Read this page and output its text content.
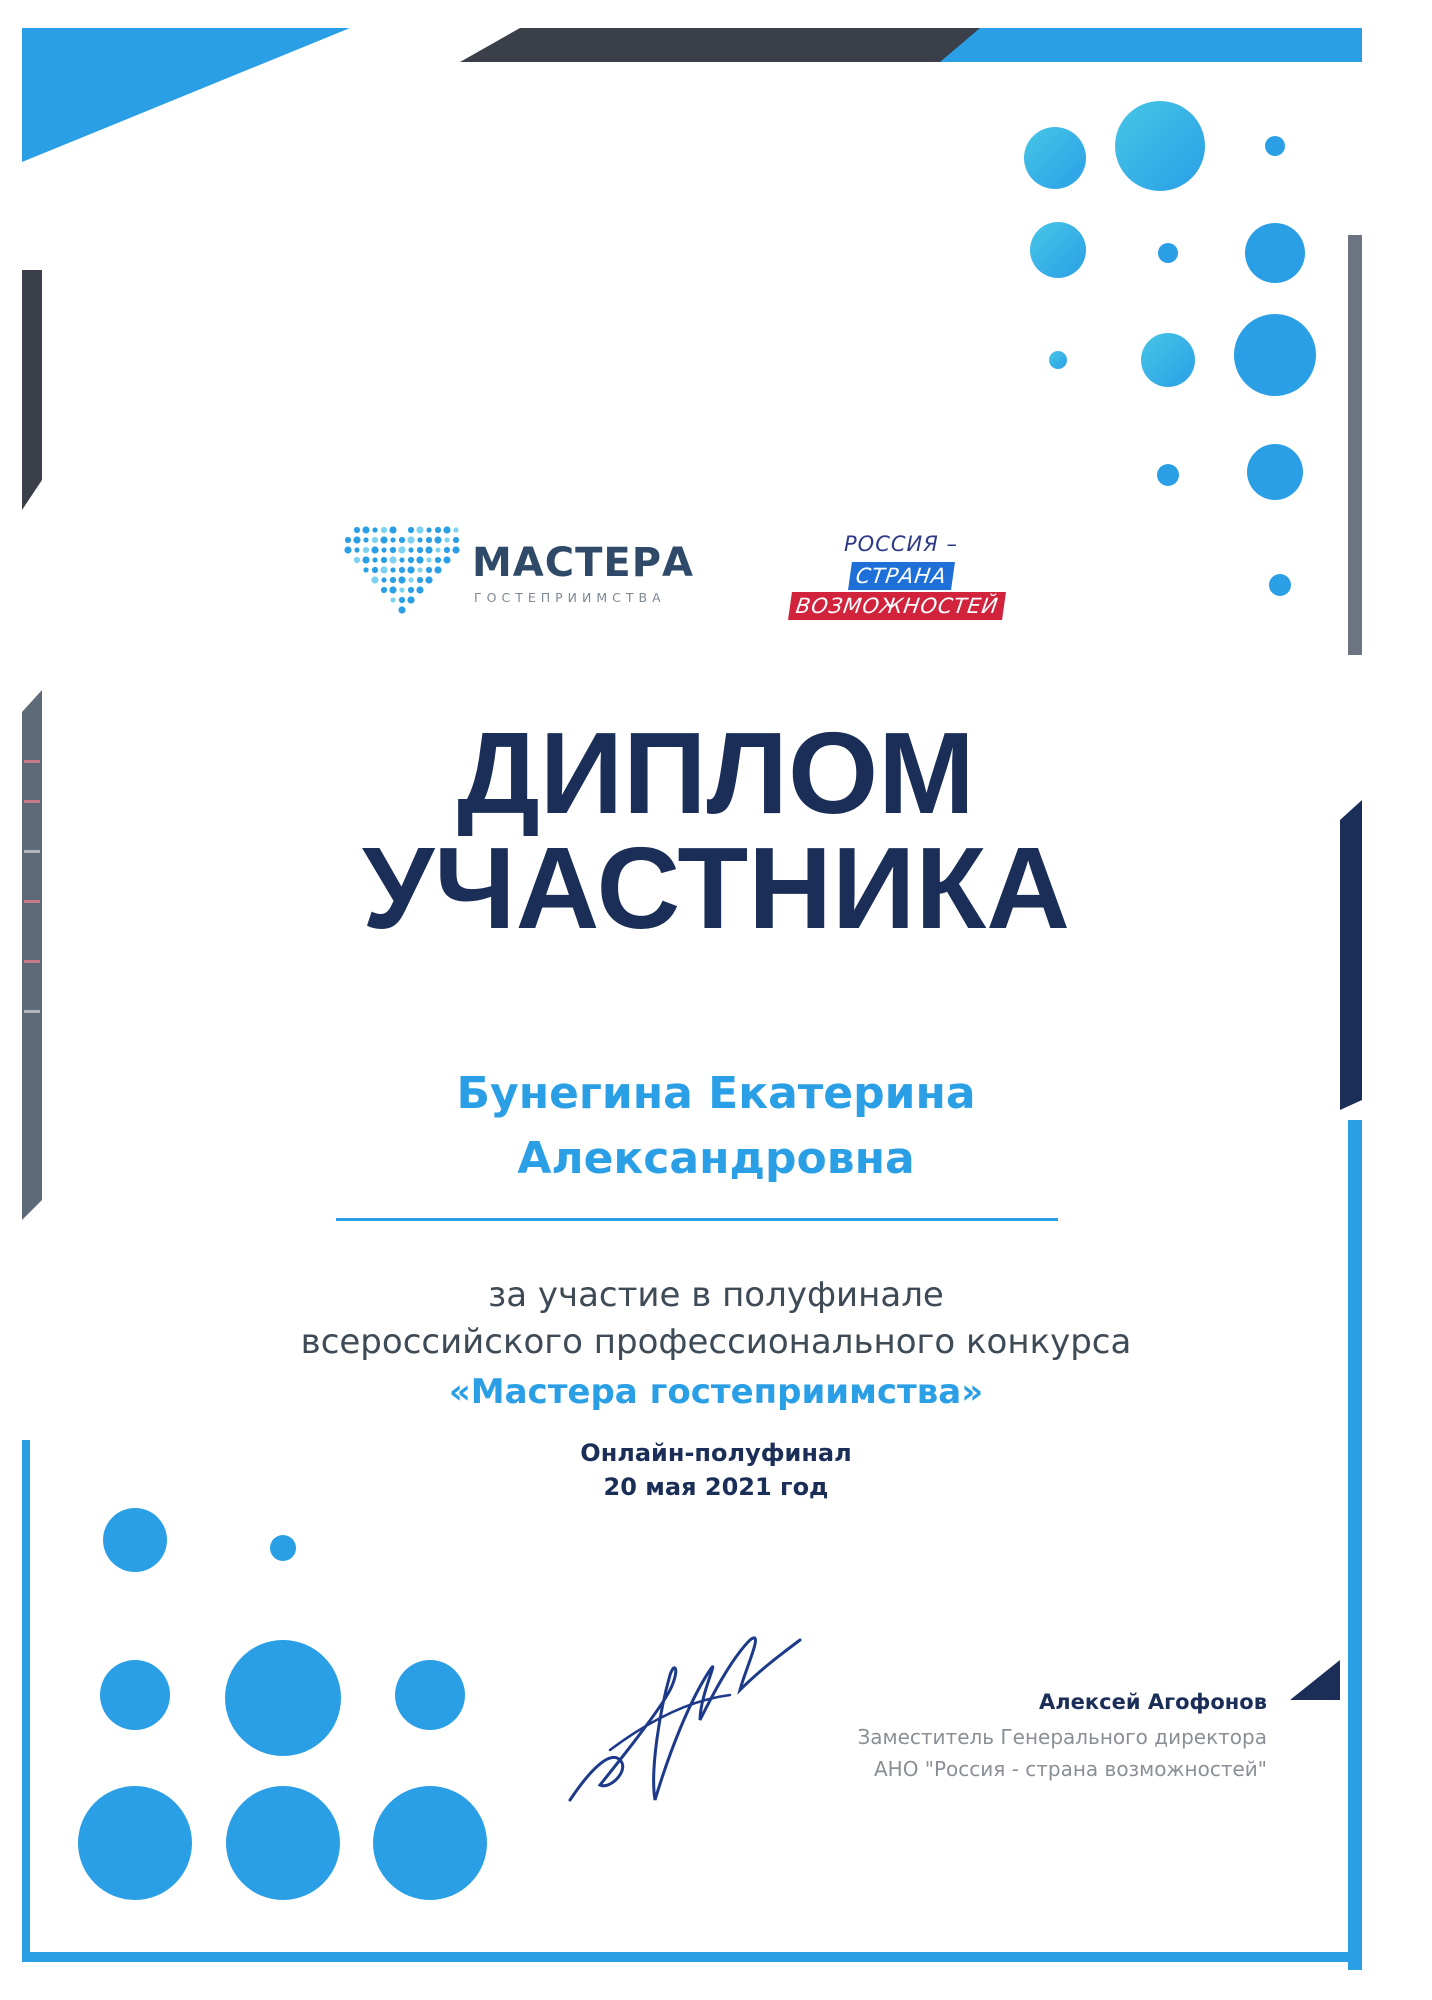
МАСТЕРА
ГОСТЕПРИИМСТВА
РОССИЯ –
СТРАНА
ВОЗМОЖНОСТЕЙ
ДИПЛОМ
УЧАСТНИКА
Бунегина Екатерина
Александровна
за участие в полуфинале
всероссийского профессионального конкурса
«Мастера гостеприимства»
Онлайн-полуфинал
20 мая 2021 год
Алексей Агофонов
Заместитель Генерального директора
АНО "Россия - страна возможностей"
